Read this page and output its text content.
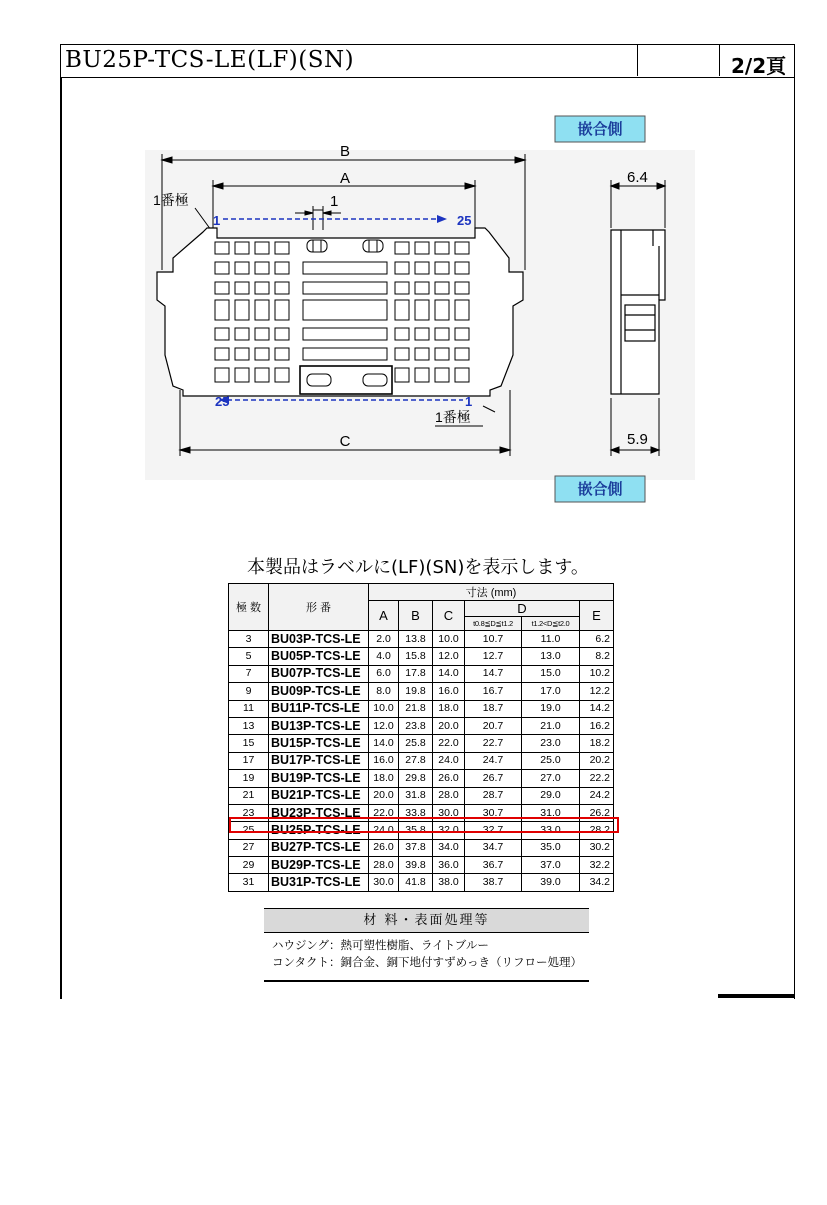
BU25P-TCS-LE(LF)(SN)	2/2頁
嵌合側
嵌合側
B
A
1
1番極
1	25
25	1
1番極
C
6.4
5.9
本製品はラベルに(LF)(SN)を表示します。
極 数	形 番	寸法 (mm)					
		A	B	C	D		E
					t0.8≦D≦t1.2	t1.2<D≦t2.0	
3	BU03P-TCS-LE	2.0	13.8	10.0	10.7	11.0	6.2
5	BU05P-TCS-LE	4.0	15.8	12.0	12.7	13.0	8.2
7	BU07P-TCS-LE	6.0	17.8	14.0	14.7	15.0	10.2
9	BU09P-TCS-LE	8.0	19.8	16.0	16.7	17.0	12.2
11	BU11P-TCS-LE	10.0	21.8	18.0	18.7	19.0	14.2
13	BU13P-TCS-LE	12.0	23.8	20.0	20.7	21.0	16.2
15	BU15P-TCS-LE	14.0	25.8	22.0	22.7	23.0	18.2
17	BU17P-TCS-LE	16.0	27.8	24.0	24.7	25.0	20.2
19	BU19P-TCS-LE	18.0	29.8	26.0	26.7	27.0	22.2
21	BU21P-TCS-LE	20.0	31.8	28.0	28.7	29.0	24.2
23	BU23P-TCS-LE	22.0	33.8	30.0	30.7	31.0	26.2
25	BU25P-TCS-LE	24.0	35.8	32.0	32.7	33.0	28.2
27	BU27P-TCS-LE	26.0	37.8	34.0	34.7	35.0	30.2
29	BU29P-TCS-LE	28.0	39.8	36.0	36.7	37.0	32.2
31	BU31P-TCS-LE	30.0	41.8	38.0	38.7	39.0	34.2
材 料・表面処理等
ハウジング：熱可塑性樹脂、ライトブルー
コンタクト：銅合金、銅下地付すずめっき（リフロー処理）
